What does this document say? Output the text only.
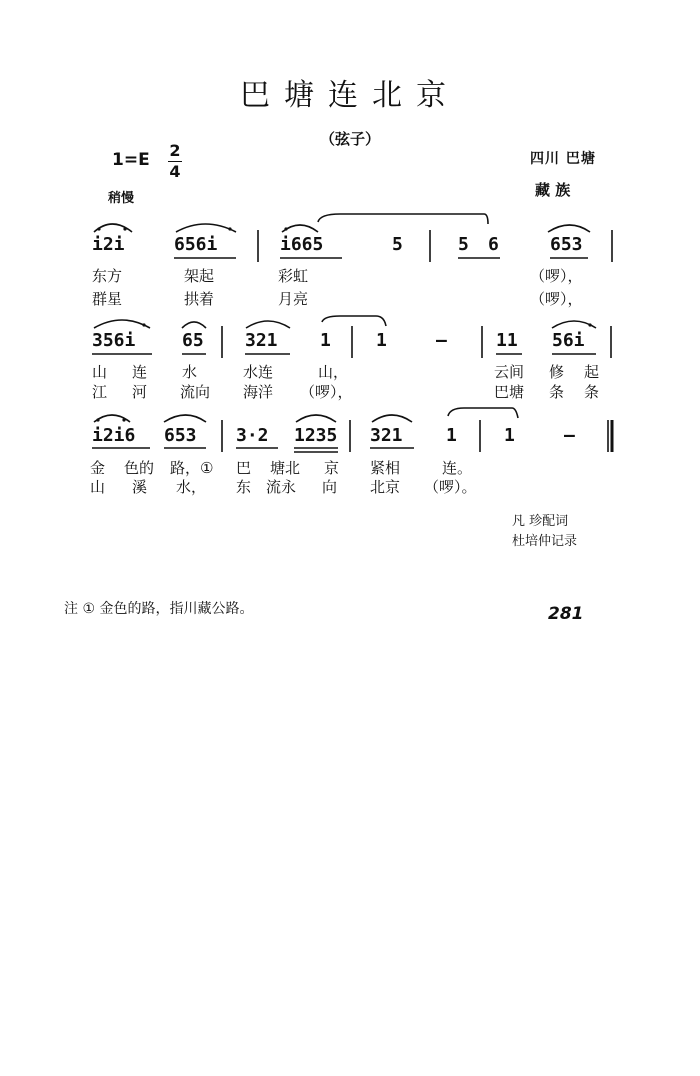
巴塘连北京
（弦子）
1=E 2
4
稍慢
四川 巴塘
藏 族
i2i	656i	i665	5	5 6	653
东方	架起	彩虹	（啰），
群星	拱着	月亮	（啰），
356i	65 321 1	1	—	11 56i
山 连 水	水连	山，	云间 修 起
江 河 流向 海洋 （啰），	巴塘 条 条
i2i6 653 3·2 1235 321 1	1	—
金 色的 路，① 巴 塘北 京 紧相	连。
山 溪 水， 东 流永 向 北京 （啰）。
凡 珍配词
杜培仲记录
注 ① 金色的路，指川藏公路。	281
